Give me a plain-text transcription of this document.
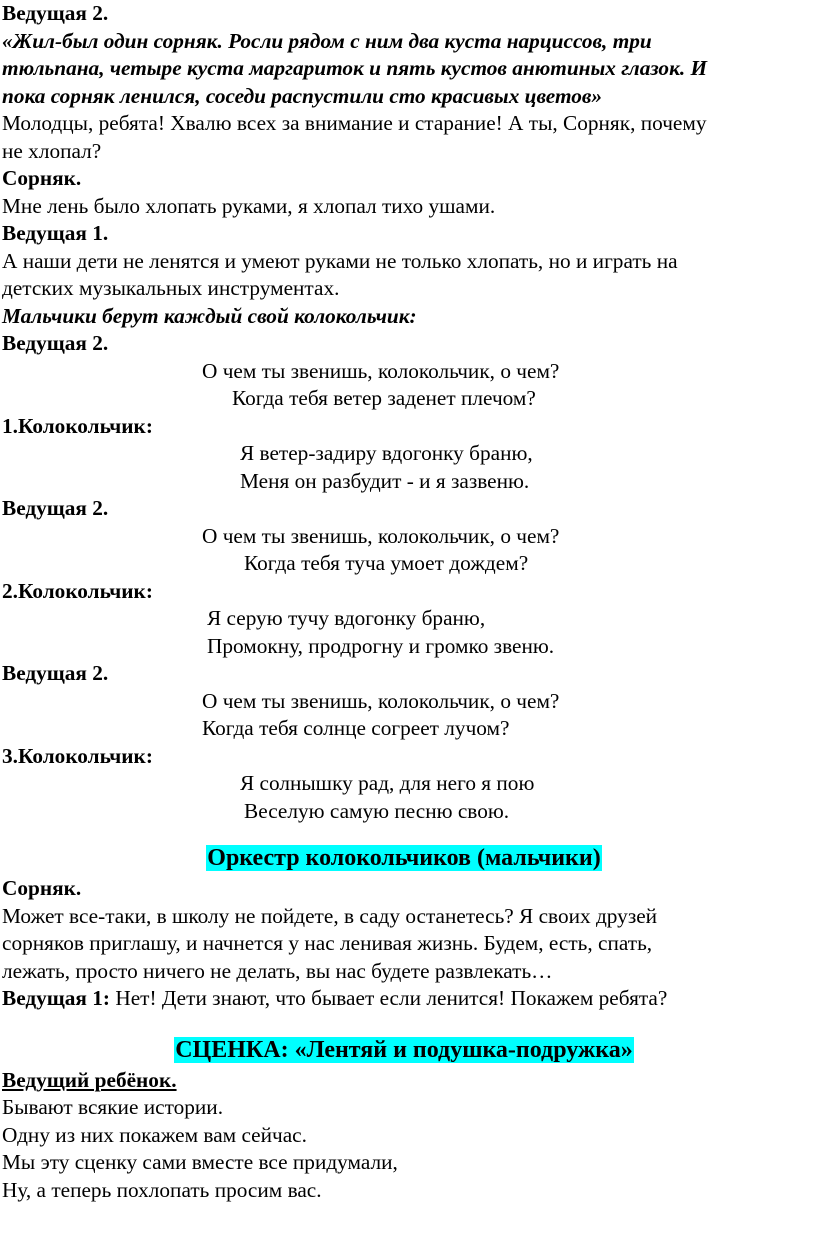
Ведущая 2.
«Жил-был один сорняк. Росли рядом с ним два куста нарциссов, три
тюльпана, четыре куста маргариток и пять кустов анютиных глазок. И
пока сорняк ленился, соседи распустили сто красивых цветов»
Молодцы, ребята! Хвалю всех за внимание и старание! А ты, Сорняк, почему
не хлопал?
Сорняк.
Мне лень было хлопать руками, я хлопал тихо ушами.
Ведущая 1.
А наши дети не ленятся и умеют руками не только хлопать, но и играть на
детских музыкальных инструментах.
Мальчики берут каждый свой колокольчик:
Ведущая 2.
О чем ты звенишь, колокольчик, о чем?
Когда тебя ветер заденет плечом?
1.Колокольчик:
Я ветер-задиру вдогонку браню,
Меня он разбудит - и я зазвеню.
Ведущая 2.
О чем ты звенишь, колокольчик, о чем?
Когда тебя туча умоет дождем?
2.Колокольчик:
Я серую тучу вдогонку браню,
Промокну, продрогну и громко звеню.
Ведущая 2.
О чем ты звенишь, колокольчик, о чем?
Когда тебя солнце согреет лучом?
3.Колокольчик:
Я солнышку рад, для него я пою
Веселую самую песню свою.
Оркестр колокольчиков (мальчики)
Сорняк.
Может все-таки, в школу не пойдете, в саду останетесь? Я своих друзей
сорняков приглашу, и начнется у нас ленивая жизнь. Будем, есть, спать,
лежать, просто ничего не делать, вы нас будете развлекать…
Ведущая 1: Нет! Дети знают, что бывает если ленится! Покажем ребята?
СЦЕНКА: «Лентяй и подушка-подружка»
Ведущий ребёнок.
Бывают всякие истории.
Одну из них покажем вам сейчас.
Мы эту сценку сами вместе все придумали,
Ну, а теперь похлопать просим вас.
